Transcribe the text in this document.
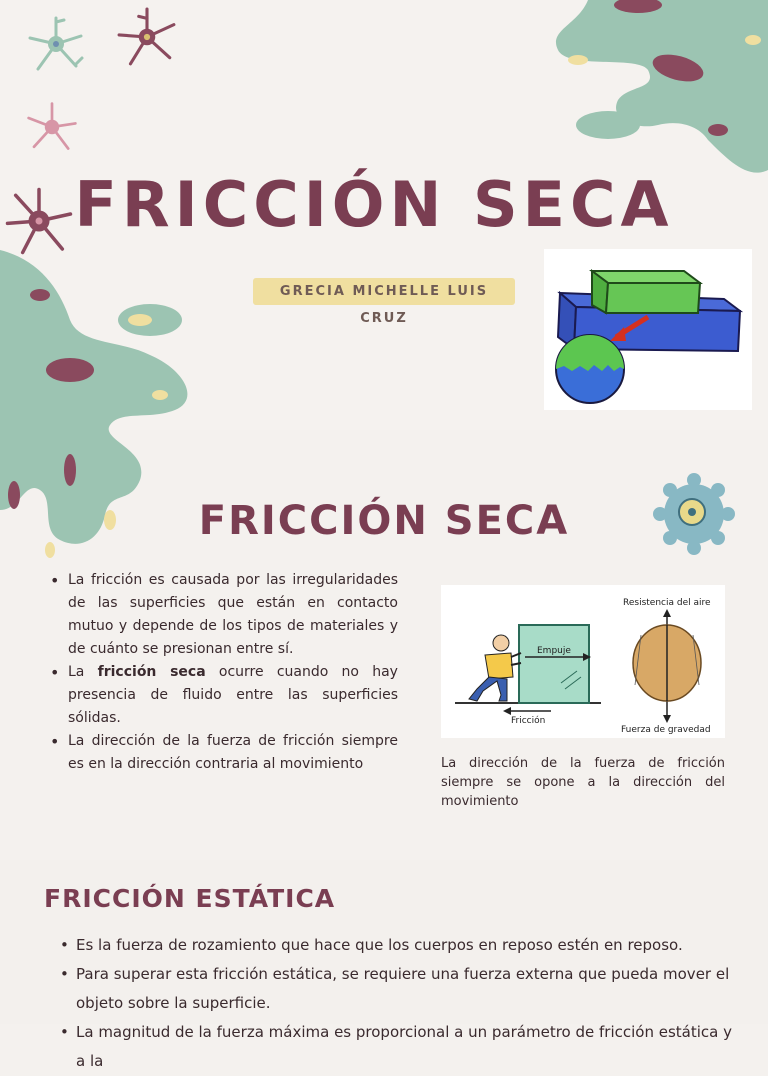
FRICCIÓN SECA
GRECIA MICHELLE LUIS CRUZ
FRICCIÓN SECA
• La fricción es causada por las irregularidades de las superficies que están en contacto mutuo y depende de los tipos de materiales y de cuánto se presionan entre sí.
• La fricción seca ocurre cuando no hay presencia de fluido entre las superficies sólidas.
• La dirección de la fuerza de fricción siempre es en la dirección contraria al movimiento
Empuje
Fricción
Resistencia del aire
Fuerza de gravedad
La dirección de la fuerza de fricción siempre se opone a la dirección del movimiento
FRICCIÓN ESTÁTICA
• Es la fuerza de rozamiento que hace que los cuerpos en reposo estén en reposo.
• Para superar esta fricción estática, se requiere una fuerza externa que pueda mover el objeto sobre la superficie.
• La magnitud de la fuerza máxima es proporcional a un parámetro de fricción estática y a la
